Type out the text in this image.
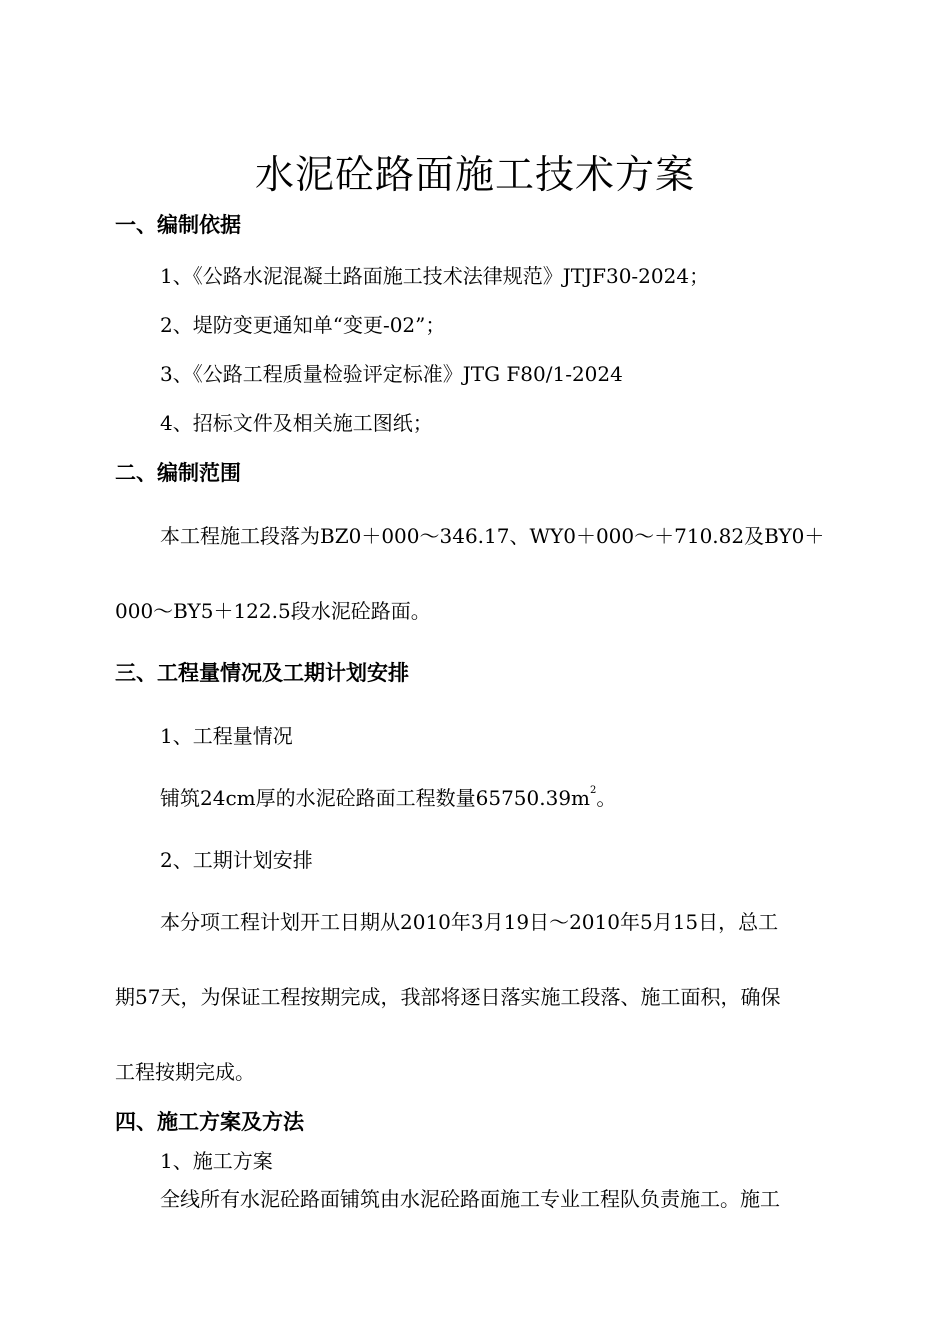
水泥砼路面施工技术方案
一、编制依据
1、《公路水泥混凝土路面施工技术法律规范》JTJF30-2024；
2、堤防变更通知单“变更-02”；
3、《公路工程质量检验评定标准》JTG F80/1-2024
4、招标文件及相关施工图纸；
二、编制范围
本工程施工段落为BZ0＋000～346.17、WY0＋000～＋710.82及BY0＋
000～BY5＋122.5段水泥砼路面。
三、工程量情况及工期计划安排
1、工程量情况
铺筑24cm厚的水泥砼路面工程数量$65750.39m^2$。
2、工期计划安排
本分项工程计划开工日期从2010年3月19日～2010年5月15日，总工
期57天，为保证工程按期完成，我部将逐日落实施工段落、施工面积，确保
工程按期完成。
四、施工方案及方法
1、施工方案
全线所有水泥砼路面铺筑由水泥砼路面施工专业工程队负责施工。施工
